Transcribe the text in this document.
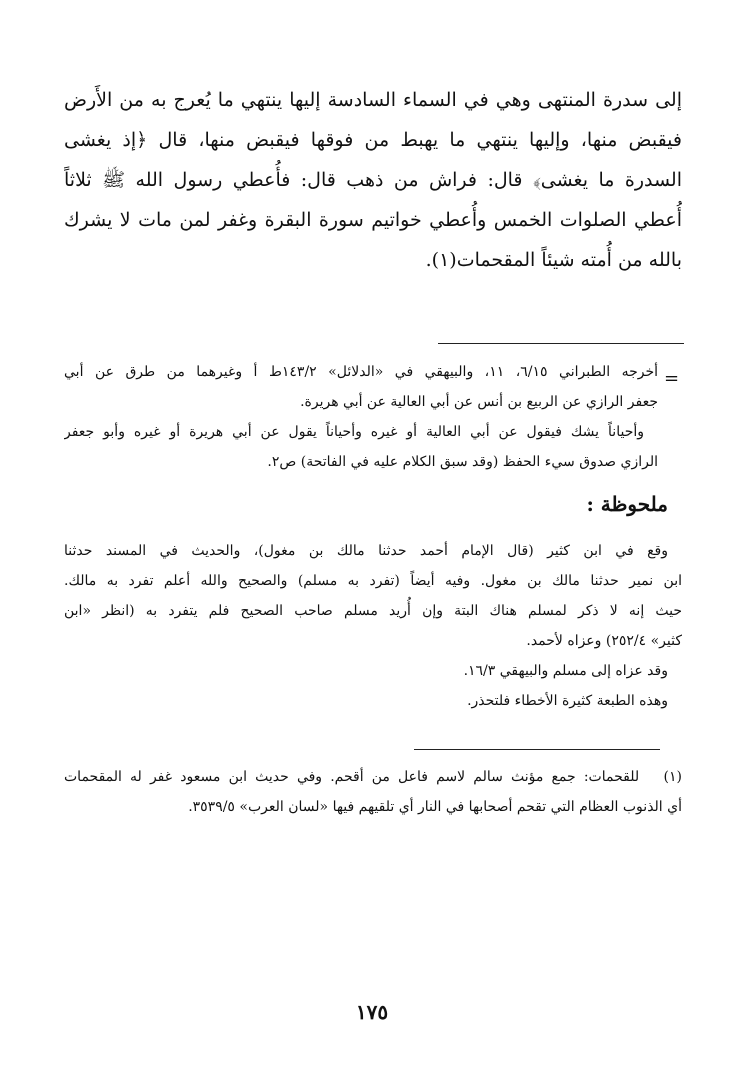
إلى سدرة المنتهى وهي في السماء السادسة إليها ينتهي ما يُعرج به من الأَرض
فيقبض منها، وإليها ينتهي ما يهبط من فوقها فيقبض منها، قال ﴿إذ يغشى
السدرة ما يغشى﴾ قال: فراش من ذهب قال: فأُعطي رسول الله ﷺ ثلاثاً
أُعطي الصلوات الخمس وأُعطي خواتيم سورة البقرة وغفر لمن مات لا يشرك
بالله من أُمته شيئاً المقحمات(١).
=
أخرجه الطبراني ٦/١٥، ١١، والبيهقي في «الدلائل» ١٤٣/٢ط أ وغيرهما من طرق عن أبي
جعفر الرازي عن الربيع بن أنس عن أبي العالية عن أبي هريرة.
وأحياناً يشك فيقول عن أبي العالية أو غيره وأحياناً يقول عن أبي هريرة أو غيره وأبو جعفر
الرازي صدوق سيء الحفظ (وقد سبق الكلام عليه في الفاتحة) ص٢.
ملحوظة :
وقع في ابن كثير (قال الإمام أحمد حدثنا مالك بن مغول)، والحديث في المسند حدثنا
ابن نمير حدثنا مالك بن مغول. وفيه أيضاً (تفرد به مسلم) والصحيح والله أعلم تفرد به مالك.
حيث إنه لا ذكر لمسلم هناك البتة وإن أُريد مسلم صاحب الصحيح فلم يتفرد به (انظر «ابن
كثير» ٢٥٢/٤) وعزاه لأحمد.
وقد عزاه إلى مسلم والبيهقي ١٦/٣.
وهذه الطبعة كثيرة الأخطاء فلتحذر.
(١)   للقحمات: جمع مؤنث سالم لاسم فاعل من أقحم. وفي حديث ابن مسعود غفر له المقحمات
أي الذنوب العظام التي تقحم أصحابها في النار أي تلقيهم فيها «لسان العرب» ٣٥٣٩/٥.
١٧٥
